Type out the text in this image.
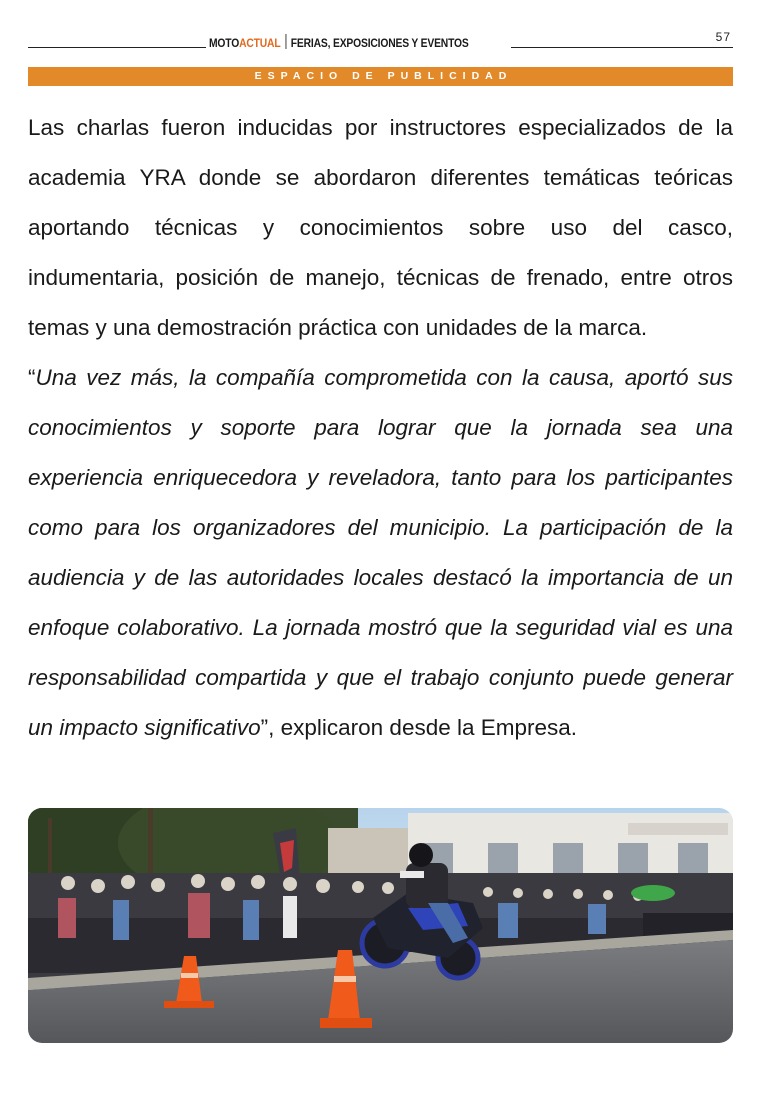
MOTOACTUAL FERIAS, EXPOSICIONES Y EVENTOS	57
ESPACIO DE PUBLICIDAD

Las charlas fueron inducidas por instructores especializados de la academia YRA donde se abordaron diferentes temáticas teóricas aportando técnicas y conocimientos sobre uso del casco, indumentaria, posición de manejo, técnicas de frenado, entre otros temas y una demostración práctica con unidades de la marca.

“Una vez más, la compañía comprometida con la causa, aportó sus conocimientos y soporte para lograr que la jornada sea una experiencia enriquecedora y reveladora, tanto para los participantes como para los organizadores del municipio. La participación de la audiencia y de las autoridades locales destacó la importancia de un enfoque colaborativo. La jornada mostró que la seguridad vial es una responsabilidad compartida y que el trabajo conjunto puede generar un impacto significativo”, explicaron desde la Empresa.
